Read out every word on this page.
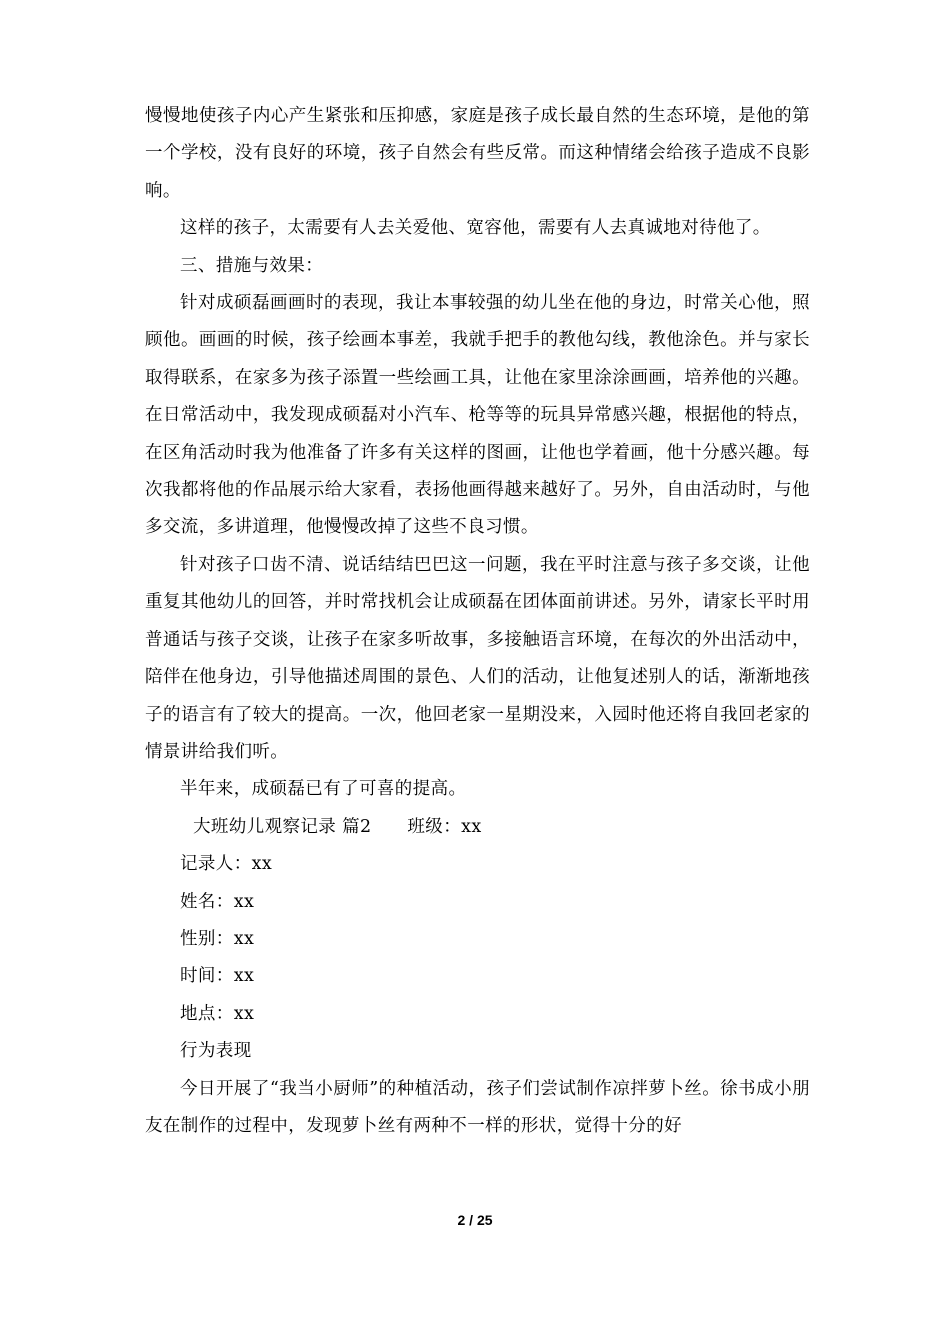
慢慢地使孩子内心产生紧张和压抑感，家庭是孩子成长最自然的生态环境，是他的第一个学校，没有良好的环境，孩子自然会有些反常。而这种情绪会给孩子造成不良影响。

这样的孩子，太需要有人去关爱他、宽容他，需要有人去真诚地对待他了。

三、措施与效果：

针对成硕磊画画时的表现，我让本事较强的幼儿坐在他的身边，时常关心他，照顾他。画画的时候，孩子绘画本事差，我就手把手的教他勾线，教他涂色。并与家长取得联系，在家多为孩子添置一些绘画工具，让他在家里涂涂画画，培养他的兴趣。在日常活动中，我发现成硕磊对小汽车、枪等等的玩具异常感兴趣，根据他的特点，在区角活动时我为他准备了许多有关这样的图画，让他也学着画，他十分感兴趣。每次我都将他的作品展示给大家看，表扬他画得越来越好了。另外，自由活动时，与他多交流，多讲道理，他慢慢改掉了这些不良习惯。

针对孩子口齿不清、说话结结巴巴这一问题，我在平时注意与孩子多交谈，让他重复其他幼儿的回答，并时常找机会让成硕磊在团体面前讲述。另外，请家长平时用普通话与孩子交谈，让孩子在家多听故事，多接触语言环境，在每次的外出活动中，陪伴在他身边，引导他描述周围的景色、人们的活动，让他复述别人的话，渐渐地孩子的语言有了较大的提高。一次，他回老家一星期没来，入园时他还将自我回老家的情景讲给我们听。

半年来，成硕磊已有了可喜的提高。

大班幼儿观察记录 篇2　　班级：xx

记录人：xx

姓名：xx

性别：xx

时间：xx

地点：xx

行为表现

今日开展了“我当小厨师”的种植活动，孩子们尝试制作凉拌萝卜丝。徐书成小朋友在制作的过程中，发现萝卜丝有两种不一样的形状，觉得十分的好

2 / 25
